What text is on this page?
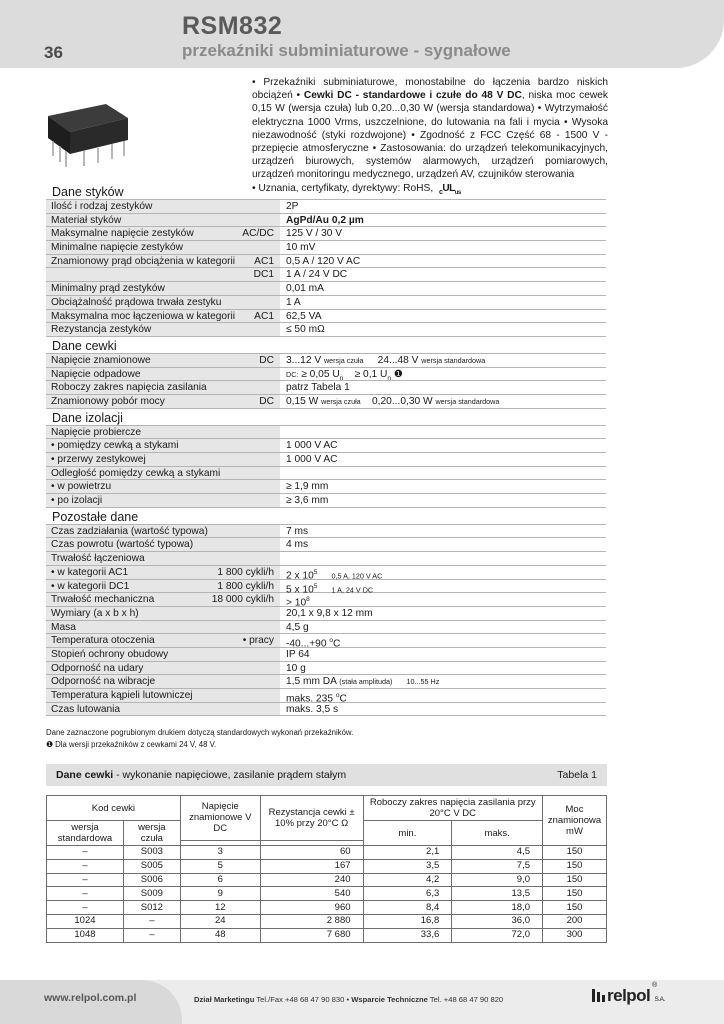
36
RSM832
przekaźniki subminiaturowe - sygnałowe
• Przekaźniki subminiaturowe, monostabilne do łączenia bardzo niskich obciążeń • Cewki DC - standardowe i czułe do 48 V DC, niska moc cewek 0,15 W (wersja czuła) lub 0,20...0,30 W (wersja standardowa) • Wytrzymałość elektryczna 1000 Vrms, uszczelnione, do lutowania na fali i mycia • Wysoka niezawodność (styki rozdwojone) • Zgodność z FCC Część 68 - 1500 V - przepięcie atmosferyczne • Zastosowania: do urządzeń telekomunikacyjnych, urządzeń biurowych, systemów alarmowych, urządzeń pomiarowych, urządzeń monitoringu medycznego, urządzeń AV, czujników sterowania
• Uznania, certyfikaty, dyrektywy: RoHS, $_cUL_{us}$
Dane styków
Ilość i rodzaj zestyków	2P
Materiał styków	AgPd/Au 0,2 µm
Maksymalne napięcie zestyków	AC/DC	125 V / 30 V
Minimalne napięcie zestyków	10 mV
Znamionowy prąd obciążenia w kategorii AC1	0,5 A / 120 V AC
DC1	1 A / 24 V DC
Minimalny prąd zestyków	0,01 mA
Obciążalność prądowa trwała zestyku	1 A
Maksymalna moc łączeniowa w kategorii AC1	62,5 VA
Rezystancja zestyków	≤ 50 mΩ
Dane cewki
Napięcie znamionowe	DC	3...12 V wersja czuła 24...48 V wersja standardowa
Napięcie odpadowe	DC: ≥ 0,05 $U_n \ge 0,1$ $U_n$ ❶
Roboczy zakres napięcia zasilania	patrz Tabela 1
Znamionowy pobór mocy	DC	0,15 W wersja czuła 0,20...0,30 W wersja standardowa
Dane izolacji
Napięcie probiercze
• pomiędzy cewką a stykami	1 000 V AC
• przerwy zestykowej	1 000 V AC
Odległość pomiędzy cewką a stykami
• w powietrzu	≥ 1,9 mm
• po izolacji	≥ 3,6 mm
Pozostałe dane
Czas zadziałania (wartość typowa)	7 ms
Czas powrotu (wartość typowa)	4 ms
Trwałość łączeniowa
• w kategorii AC1	1 800 cykli/h	2 x $10^5$ 0,5 A, 120 V AC
• w kategorii DC1	1 800 cykli/h	5 x $10^5$ 1 A, 24 V DC
Trwałość mechaniczna	18 000 cykli/h	> $10^8$
Wymiary (a x b x h)	20,1 x 9,8 x 12 mm
Masa	4,5 g
Temperatura otoczenia	• pracy	-40...+90 $^o$C
Stopień ochrony obudowy	IP 64
Odporność na udary	10 g
Odporność na wibracje	1,5 mm DA (stała amplituda) 10...55 Hz
Temperatura kąpieli lutowniczej	maks. 235 $^o$C
Czas lutowania	maks. 3,5 s
Dane zaznaczone pogrubionym drukiem dotyczą standardowych wykonań przekaźników.
❶ Dla wersji przekaźników z cewkami 24 V, 48 V.
Dane cewki - wykonanie napięciowe, zasilanie prądem stałym	Tabela 1
Kod cewki		Napięcie znamionowe V DC	Rezystancja cewki ± 10% przy 20°C Ω	Roboczy zakres napięcia zasilania przy 20°C V DC		Moc znamionowa mW
wersja standardowa	wersja czuła			min.	maks.	

–	S003	3	60	2,1	4,5	150
–	S005	5	167	3,5	7,5	150
–	S006	6	240	4,2	9,0	150
–	S009	9	540	6,3	13,5	150
–	S012	12	960	8,4	18,0	150
1024	–	24	2 880	16,8	36,0	200
1048	–	48	7 680	33,6	72,0	300
www.relpol.com.pl	Dział Marketingu Tel./Fax +48 68 47 90 830 • Wsparcie Techniczne Tel. +48 68 47 90 820	relpol S.A.
®
